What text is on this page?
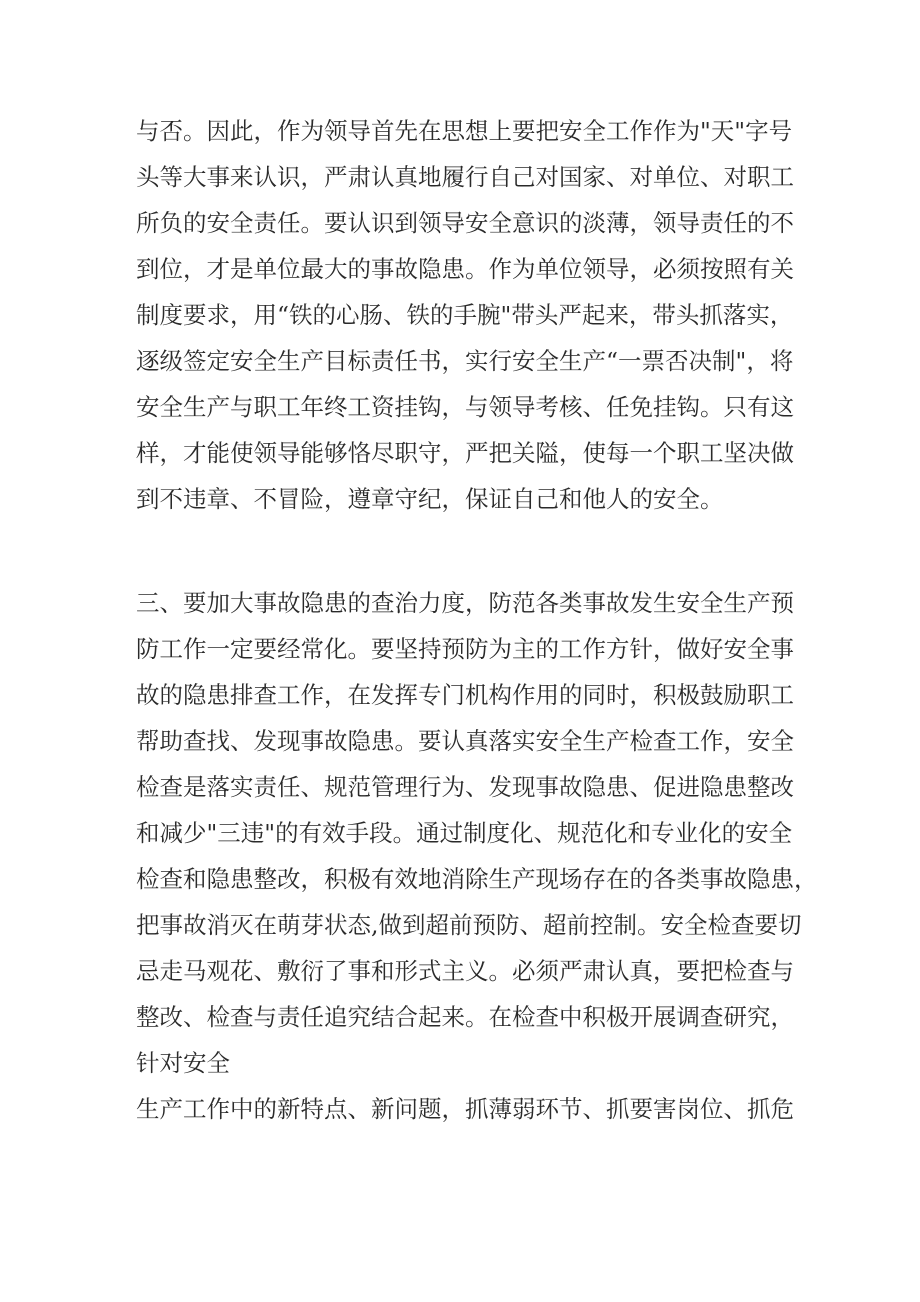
与否。因此，作为领导首先在思想上要把安全工作作为"天"字号
头等大事来认识，严肃认真地履行自己对国家、对单位、对职工
所负的安全责任。要认识到领导安全意识的淡薄，领导责任的不
到位，才是单位最大的事故隐患。作为单位领导，必须按照有关
制度要求，用“铁的心肠、铁的手腕"带头严起来，带头抓落实，
逐级签定安全生产目标责任书，实行安全生产“一票否决制"，将
安全生产与职工年终工资挂钩，与领导考核、任免挂钩。只有这
样，才能使领导能够恪尽职守，严把关隘，使每一个职工坚决做
到不违章、不冒险，遵章守纪，保证自己和他人的安全。
三、要加大事故隐患的查治力度，防范各类事故发生安全生产预
防工作一定要经常化。要坚持预防为主的工作方针，做好安全事
故的隐患排查工作，在发挥专门机构作用的同时，积极鼓励职工
帮助查找、发现事故隐患。要认真落实安全生产检查工作，安全
检查是落实责任、规范管理行为、发现事故隐患、促进隐患整改
和减少"三违"的有效手段。通过制度化、规范化和专业化的安全
检查和隐患整改，积极有效地消除生产现场存在的各类事故隐患，
把事故消灭在萌芽状态,做到超前预防、超前控制。安全检查要切
忌走马观花、敷衍了事和形式主义。必须严肃认真，要把检查与
整改、检查与责任追究结合起来。在检查中积极开展调查研究，
针对安全
生产工作中的新特点、新问题，抓薄弱环节、抓要害岗位、抓危
